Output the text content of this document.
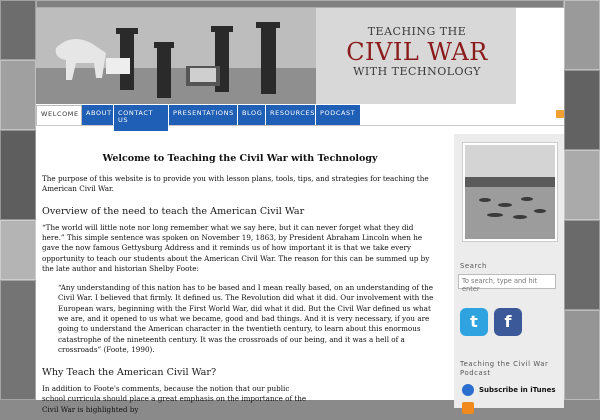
TEACHING THE
CIVIL WAR
WITH TECHNOLOGY
WELCOME	ABOUT CONTACT US
PRESENTATIONS	BLOG	RESOURCES PODCAST
Welcome to Teaching the Civil War with Technology

The purpose of this website is to provide you with lesson plans, tools, tips, and strategies for teaching the American Civil War.

Overview of the need to teach the American Civil War

“The world will little note nor long remember what we say here, but it can never forget what they did here.” This simple sentence was spoken on November 19, 1863, by President Abraham Lincoln when he gave the now famous Gettysburg Address and it reminds us of how important it is that we take every opportunity to teach our students about the American Civil War. The reason for this can be summed up by the late author and historian Shelby Foote:

“Any understanding of this nation has to be based and I mean really based, on an understanding of the Civil War. I believed that firmly. It defined us. The Revolution did what it did. Our involvement with the European wars, beginning with the First World War, did what it did. But the Civil War defined us what we are, and it opened to us what we became, good and bad things. And it is very necessary, if you are going to understand the American character in the twentieth century, to learn about this enormous catastrophe of the nineteenth century. It was the crossroads of our being, and it was a hell of a crossroads” (Foote, 1990).
Why Teach the American Civil War?

In addition to Foote's comments, because the notion that our public school curricula should place a great emphasis on the importance of the Civil War is highlighted by

Search
To search, type and hit enter
t	f
Teaching the Civil War Podcast
Subscribe in iTunes
